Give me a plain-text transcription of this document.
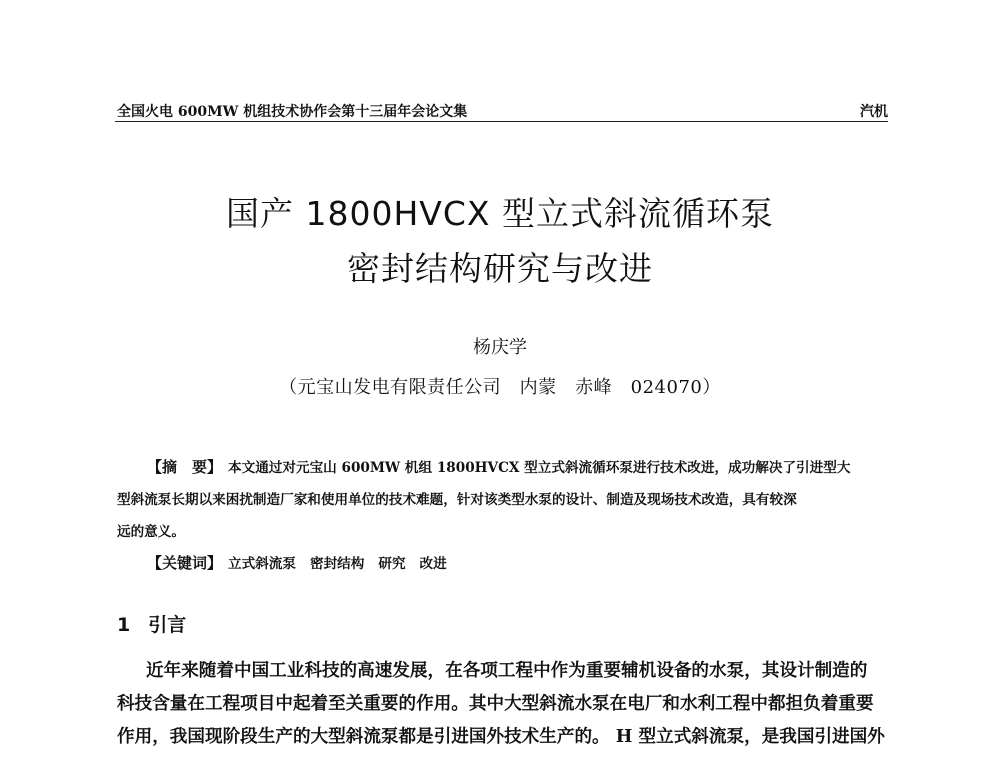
全国火电 600MW 机组技术协作会第十三届年会论文集	汽机
国产 1800HVCX 型立式斜流循环泵
密封结构研究与改进
杨庆学
（元宝山发电有限责任公司　内蒙　赤峰　024070）
【摘　要】 本文通过对元宝山 600MW 机组 1800HVCX 型立式斜流循环泵进行技术改进，成功解决了引进型大
型斜流泵长期以来困扰制造厂家和使用单位的技术难题，针对该类型水泵的设计、制造及现场技术改造，具有较深
远的意义。
【关键词】 立式斜流泵 密封结构 研究 改进
1 引言
近年来随着中国工业科技的高速发展，在各项工程中作为重要辅机设备的水泵，其设计制造的
科技含量在工程项目中起着至关重要的作用。其中大型斜流水泵在电厂和水利工程中都担负着重要
作用，我国现阶段生产的大型斜流泵都是引进国外技术生产的。 H 型立式斜流泵，是我国引进国外
